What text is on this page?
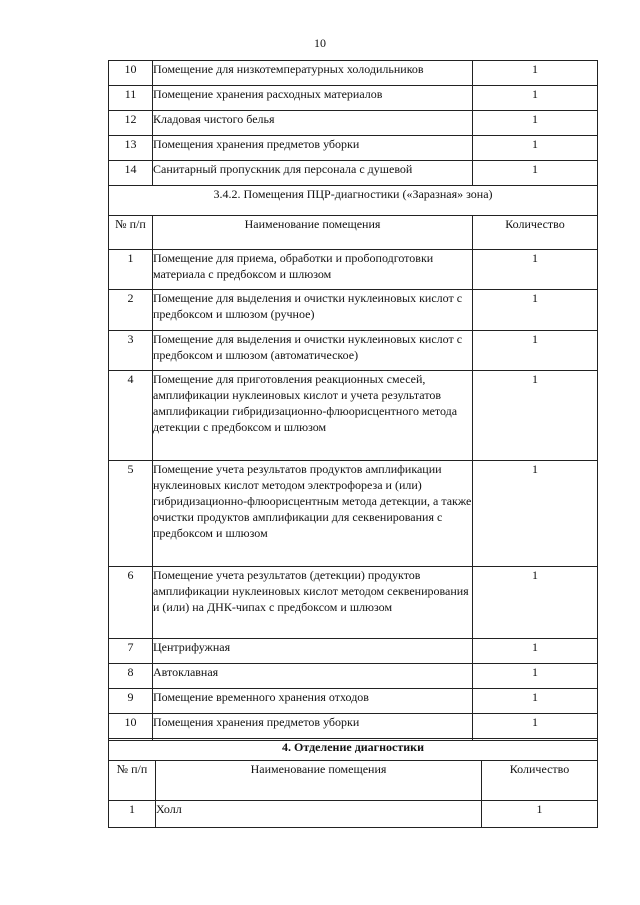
10
10	Помещение для низкотемпературных холодильников	1
11	Помещение хранения расходных материалов	1
12	Кладовая чистого белья	1
13	Помещения хранения предметов уборки	1
14	Санитарный пропускник для персонала с душевой	1
3.4.2. Помещения ПЦР-диагностики («Заразная» зона)		
№ п/п	Наименование помещения	Количество
1	Помещение для приема, обработки и пробоподготовки материала с предбоксом и шлюзом	1
2	Помещение для выделения и очистки нуклеиновых кислот с предбоксом и шлюзом (ручное)	1
3	Помещение для выделения и очистки нуклеиновых кислот с предбоксом и шлюзом (автоматическое)	1
4	Помещение для приготовления реакционных смесей, амплификации нуклеиновых кислот и учета результатов амплификации гибридизационно-флюорисцентного метода детекции с предбоксом и шлюзом	1
5	Помещение учета результатов продуктов амплификации нуклеиновых кислот методом электрофореза и (или) гибридизационно-флюорисцентным метода детекции, а также очистки продуктов амплификации для секвенирования с предбоксом и шлюзом	1
6	Помещение учета результатов (детекции) продуктов амплификации нуклеиновых кислот методом секвенирования и (или) на ДНК-чипах с предбоксом и шлюзом	1
7	Центрифужная	1
8	Автоклавная	1
9	Помещение временного хранения отходов	1
10	Помещения хранения предметов уборки	1
4. Отделение диагностики		
№ п/п	Наименование помещения	Количество
1	Холл	1
